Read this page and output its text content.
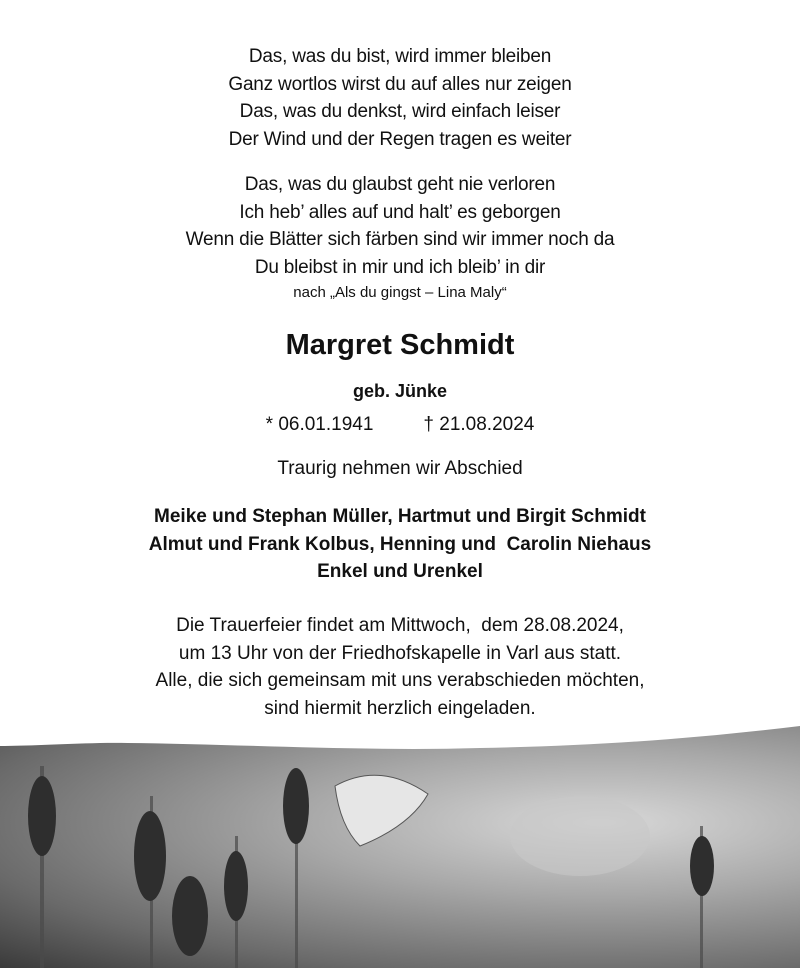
Das, was du bist, wird immer bleiben
Ganz wortlos wirst du auf alles nur zeigen
Das, was du denkst, wird einfach leiser
Der Wind und der Regen tragen es weiter
Das, was du glaubst geht nie verloren
Ich heb’ alles auf und halt’ es geborgen
Wenn die Blätter sich färben sind wir immer noch da
Du bleibst in mir und ich bleib’ in dir
nach „Als du gingst – Lina Maly“
Margret Schmidt
geb. Jünke
* 06.01.1941	† 21.08.2024
Traurig nehmen wir Abschied
Meike und Stephan Müller, Hartmut und Birgit Schmidt
Almut und Frank Kolbus, Henning und  Carolin Niehaus
Enkel und Urenkel
Die Trauerfeier findet am Mittwoch,  dem 28.08.2024,
um 13 Uhr von der Friedhofskapelle in Varl aus statt.
Alle, die sich gemeinsam mit uns verabschieden möchten,
sind hiermit herzlich eingeladen.
